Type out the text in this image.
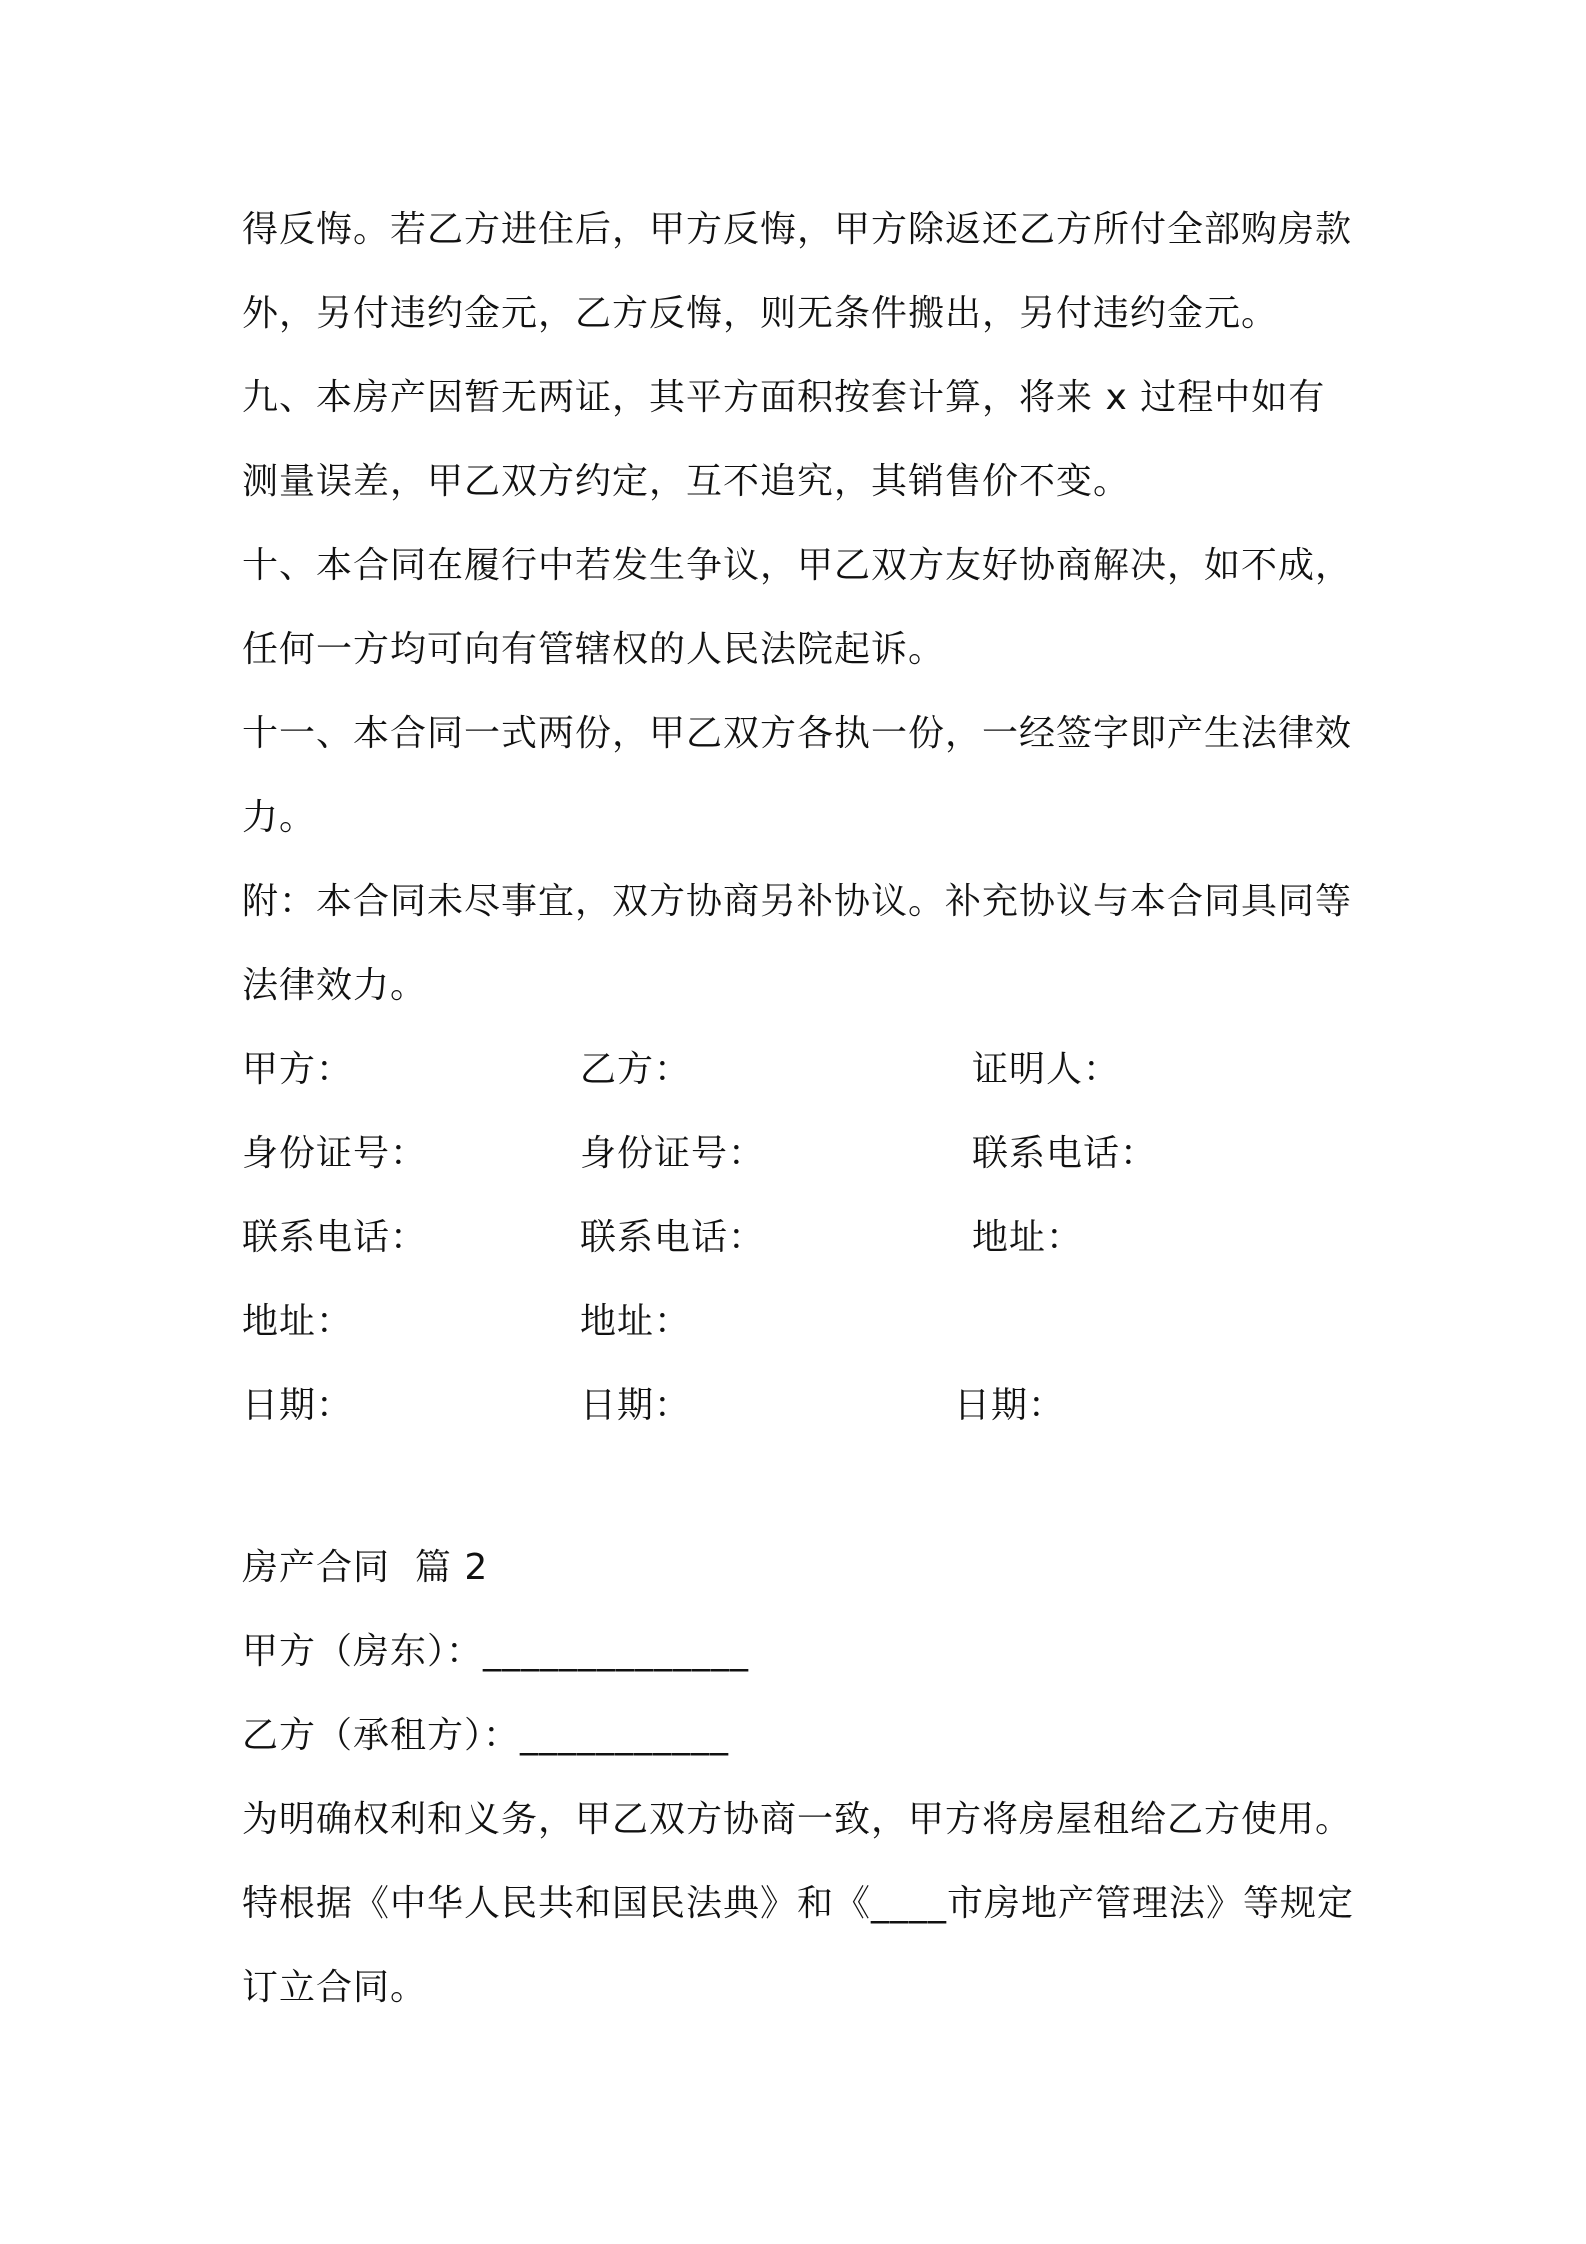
得反悔。若乙方进住后，甲方反悔，甲方除返还乙方所付全部购房款外，另付违约金元，乙方反悔，则无条件搬出，另付违约金元。

九、本房产因暂无两证，其平方面积按套计算，将来 x 过程中如有测量误差，甲乙双方约定，互不追究，其销售价不变。

十、本合同在履行中若发生争议，甲乙双方友好协商解决，如不成，任何一方均可向有管辖权的人民法院起诉。

十一、本合同一式两份，甲乙双方各执一份，一经签字即产生法律效力。

附：本合同未尽事宜，双方协商另补协议。补充协议与本合同具同等法律效力。

甲方：	乙方：	证明人：
身份证号：	身份证号：	联系电话：
联系电话：	联系电话：	地址：
地址：	地址：
日期：	日期：	日期：

房产合同  篇 2

甲方（房东）：______________

乙方（承租方）：___________

为明确权利和义务，甲乙双方协商一致，甲方将房屋租给乙方使用。特根据《中华人民共和国民法典》和《____市房地产管理法》等规定订立合同。
